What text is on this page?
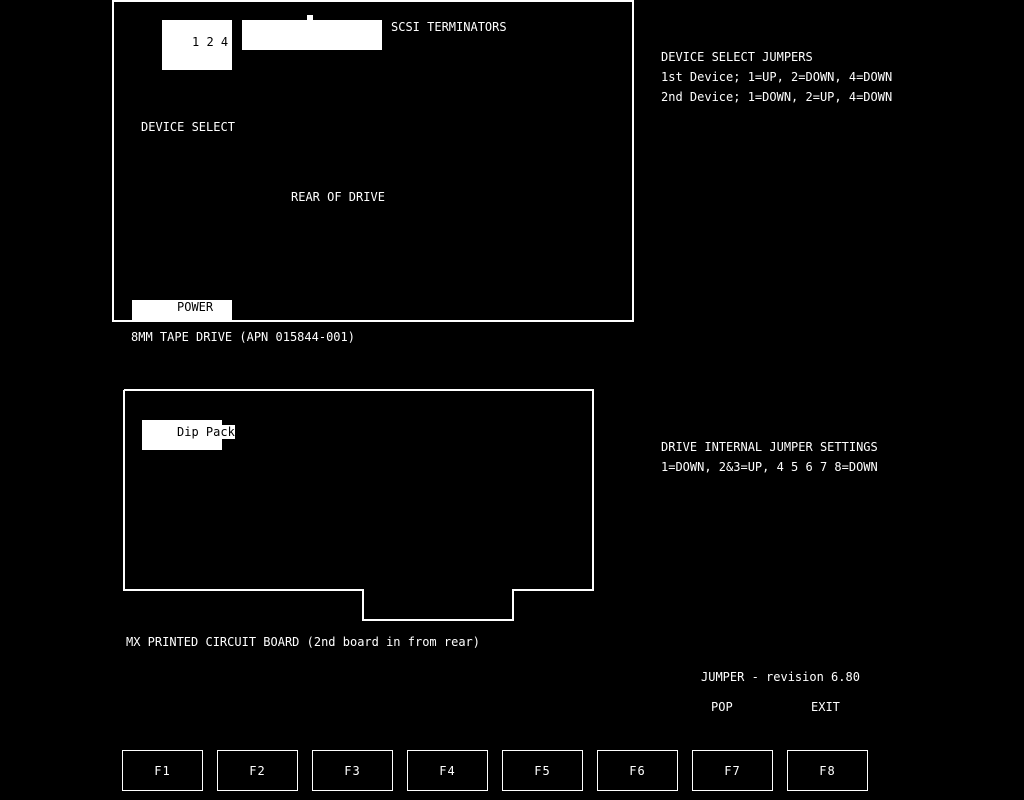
1 2 4
SCSI TERMINATORS
DEVICE SELECT
REAR OF DRIVE
POWER
8MM TAPE DRIVE (APN 015844-001)
DEVICE SELECT JUMPERS
1st Device; 1=UP, 2=DOWN, 4=DOWN
2nd Device; 1=DOWN, 2=UP, 4=DOWN
Dip Pack
MX PRINTED CIRCUIT BOARD (2nd board in from rear)
DRIVE INTERNAL JUMPER SETTINGS
1=DOWN, 2&3=UP, 4 5 6 7 8=DOWN
JUMPER - revision 6.80
POP	EXIT
F1	F2	F3	F4	F5	F6	F7	F8
